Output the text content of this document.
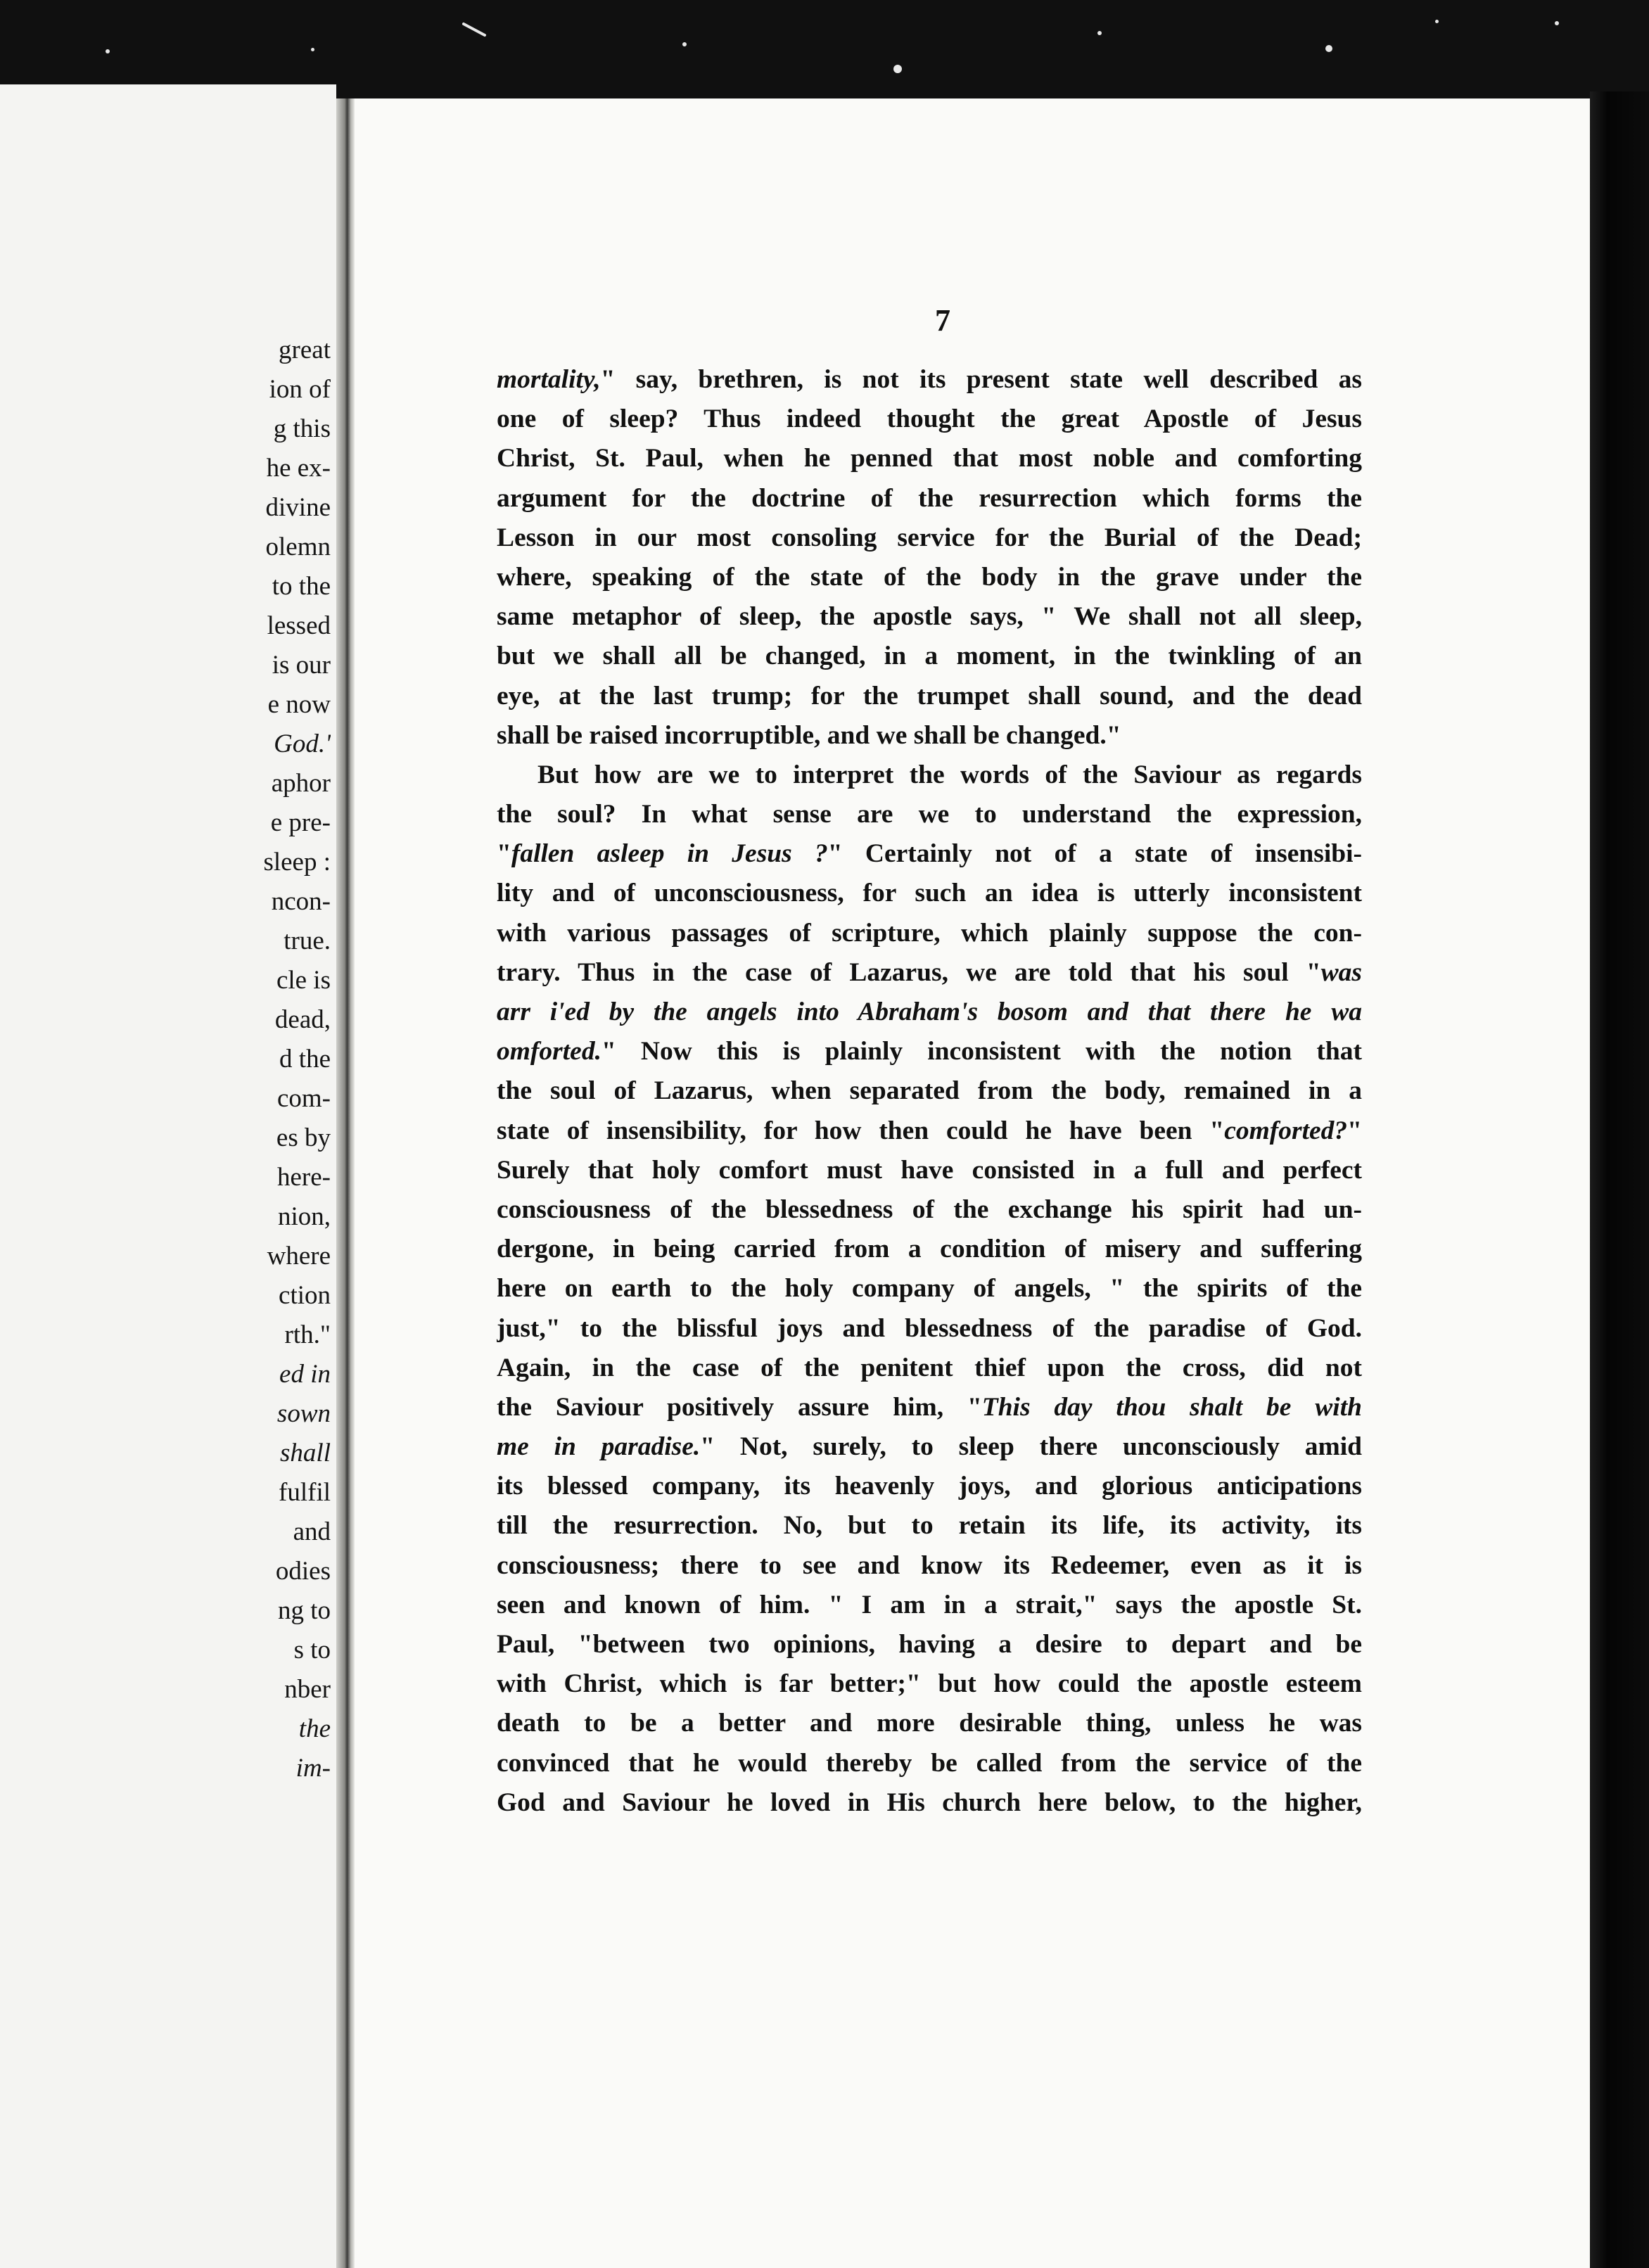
great
ion of
g this
he ex-
divine
olemn
to the
lessed
is our
e now
God.'
aphor
e pre-
sleep :
ncon-
true.
cle is
dead,
d the
com-
es by
here-
nion,
where
ction
rth."
ed in
sown
shall
fulfil
and
odies
ng to
s to
nber
the
im-
7
mortality," say, brethren, is not its present state well described as
one of sleep? Thus indeed thought the great Apostle of Jesus
Christ, St. Paul, when he penned that most noble and comforting
argument for the doctrine of the resurrection which forms the
Lesson in our most consoling service for the Burial of the Dead;
where, speaking of the state of the body in the grave under the
same metaphor of sleep, the apostle says, " We shall not all sleep,
but we shall all be changed, in a moment, in the twinkling of an
eye, at the last trump; for the trumpet shall sound, and the dead
shall be raised incorruptible, and we shall be changed."
But how are we to interpret the words of the Saviour as regards
the soul? In what sense are we to understand the expression,
"fallen asleep in Jesus ?" Certainly not of a state of insensibi-
lity and of unconsciousness, for such an idea is utterly inconsistent
with various passages of scripture, which plainly suppose the con-
trary. Thus in the case of Lazarus, we are told that his soul "was
arr i'ed by the angels into Abraham's bosom and that there he wa
omforted." Now this is plainly inconsistent with the notion that
the soul of Lazarus, when separated from the body, remained in a
state of insensibility, for how then could he have been "comforted?"
Surely that holy comfort must have consisted in a full and perfect
consciousness of the blessedness of the exchange his spirit had un-
dergone, in being carried from a condition of misery and suffering
here on earth to the holy company of angels, " the spirits of the
just," to the blissful joys and blessedness of the paradise of God.
Again, in the case of the penitent thief upon the cross, did not
the Saviour positively assure him, "This day thou shalt be with
me in paradise." Not, surely, to sleep there unconsciously amid
its blessed company, its heavenly joys, and glorious anticipations
till the resurrection. No, but to retain its life, its activity, its
consciousness; there to see and know its Redeemer, even as it is
seen and known of him. " I am in a strait," says the apostle St.
Paul, "between two opinions, having a desire to depart and be
with Christ, which is far better;" but how could the apostle esteem
death to be a better and more desirable thing, unless he was
convinced that he would thereby be called from the service of the
God and Saviour he loved in His church here below, to the higher,
